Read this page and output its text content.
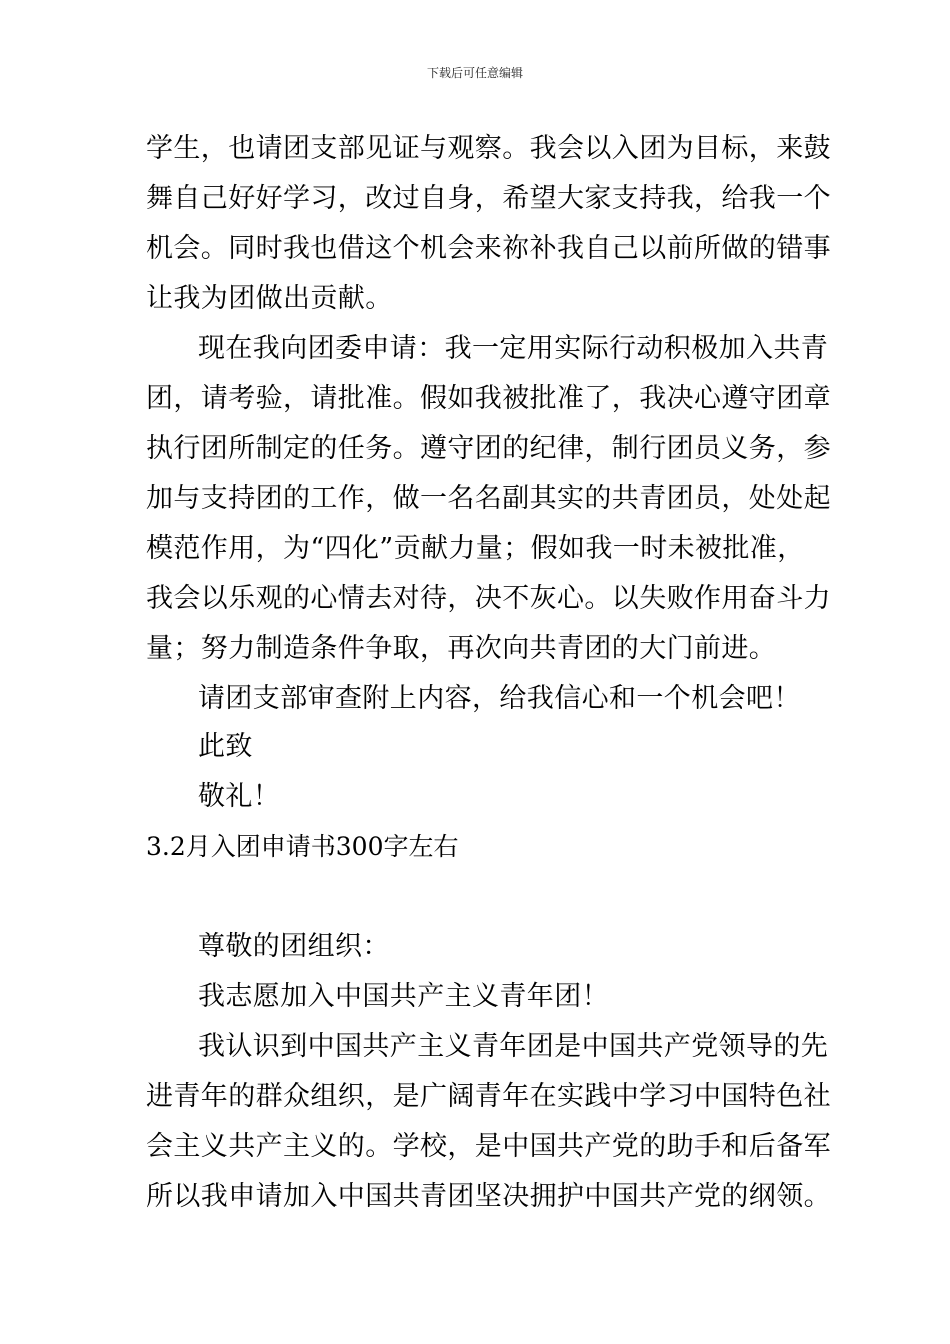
下载后可任意编辑
学生，也请团支部见证与观察。我会以入团为目标，来鼓
舞自己好好学习，改过自身，希望大家支持我，给我一个
机会。同时我也借这个机会来祢补我自己以前所做的错事
让我为团做出贡献。
现在我向团委申请：我一定用实际行动积极加入共青
团，请考验，请批准。假如我被批准了，我决心遵守团章
执行团所制定的任务。遵守团的纪律，制行团员义务，参
加与支持团的工作，做一名名副其实的共青团员，处处起
模范作用，为“四化”贡献力量；假如我一时未被批准，
我会以乐观的心情去对待，决不灰心。以失败作用奋斗力
量；努力制造条件争取，再次向共青团的大门前进。
请团支部审查附上内容，给我信心和一个机会吧！
此致
敬礼！
3.2月入团申请书300字左右
尊敬的团组织：
我志愿加入中国共产主义青年团！
我认识到中国共产主义青年团是中国共产党领导的先
进青年的群众组织，是广阔青年在实践中学习中国特色社
会主义共产主义的。学校，是中国共产党的助手和后备军
所以我申请加入中国共青团坚决拥护中国共产党的纲领。
